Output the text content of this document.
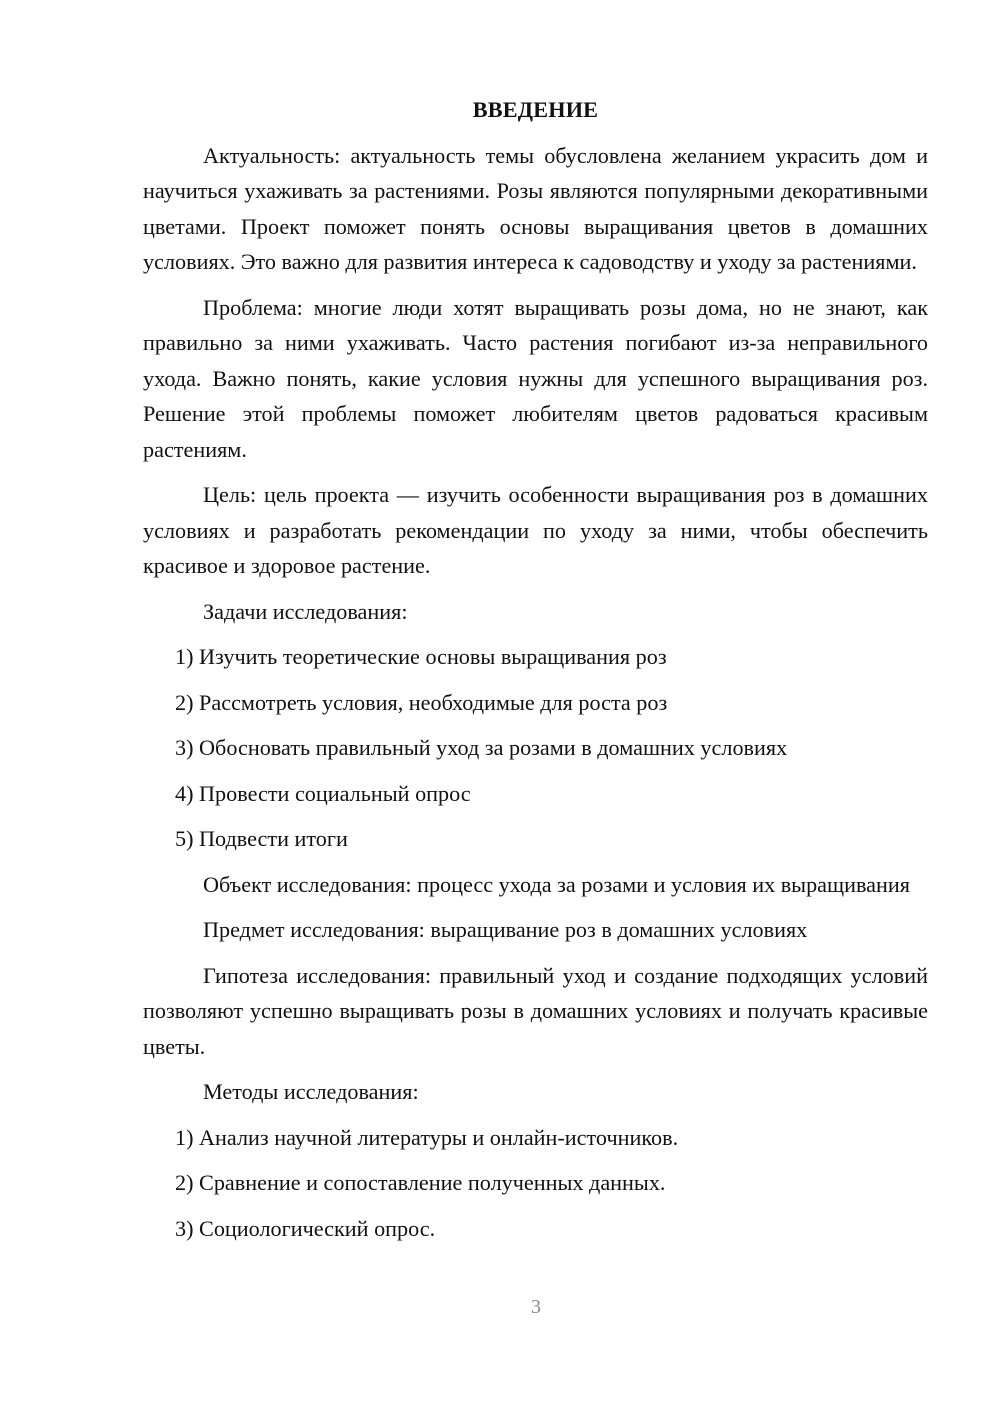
ВВЕДЕНИЕ
Актуальность: актуальность темы обусловлена желанием украсить дом и научиться ухаживать за растениями. Розы являются популярными декоративными цветами. Проект поможет понять основы выращивания цветов в домашних условиях. Это важно для развития интереса к садоводству и уходу за растениями.
Проблема: многие люди хотят выращивать розы дома, но не знают, как правильно за ними ухаживать. Часто растения погибают из-за неправильного ухода. Важно понять, какие условия нужны для успешного выращивания роз. Решение этой проблемы поможет любителям цветов радоваться красивым растениям.
Цель: цель проекта — изучить особенности выращивания роз в домашних условиях и разработать рекомендации по уходу за ними, чтобы обеспечить красивое и здоровое растение.
Задачи исследования:
1) Изучить теоретические основы выращивания роз
2) Рассмотреть условия, необходимые для роста роз
3) Обосновать правильный уход за розами в домашних условиях
4) Провести социальный опрос
5) Подвести итоги
Объект исследования: процесс ухода за розами и условия их выращивания
Предмет исследования: выращивание роз в домашних условиях
Гипотеза исследования: правильный уход и создание подходящих условий позволяют успешно выращивать розы в домашних условиях и получать красивые цветы.
Методы исследования:
1) Анализ научной литературы и онлайн-источников.
2) Сравнение и сопоставление полученных данных.
3) Социологический опрос.
3
